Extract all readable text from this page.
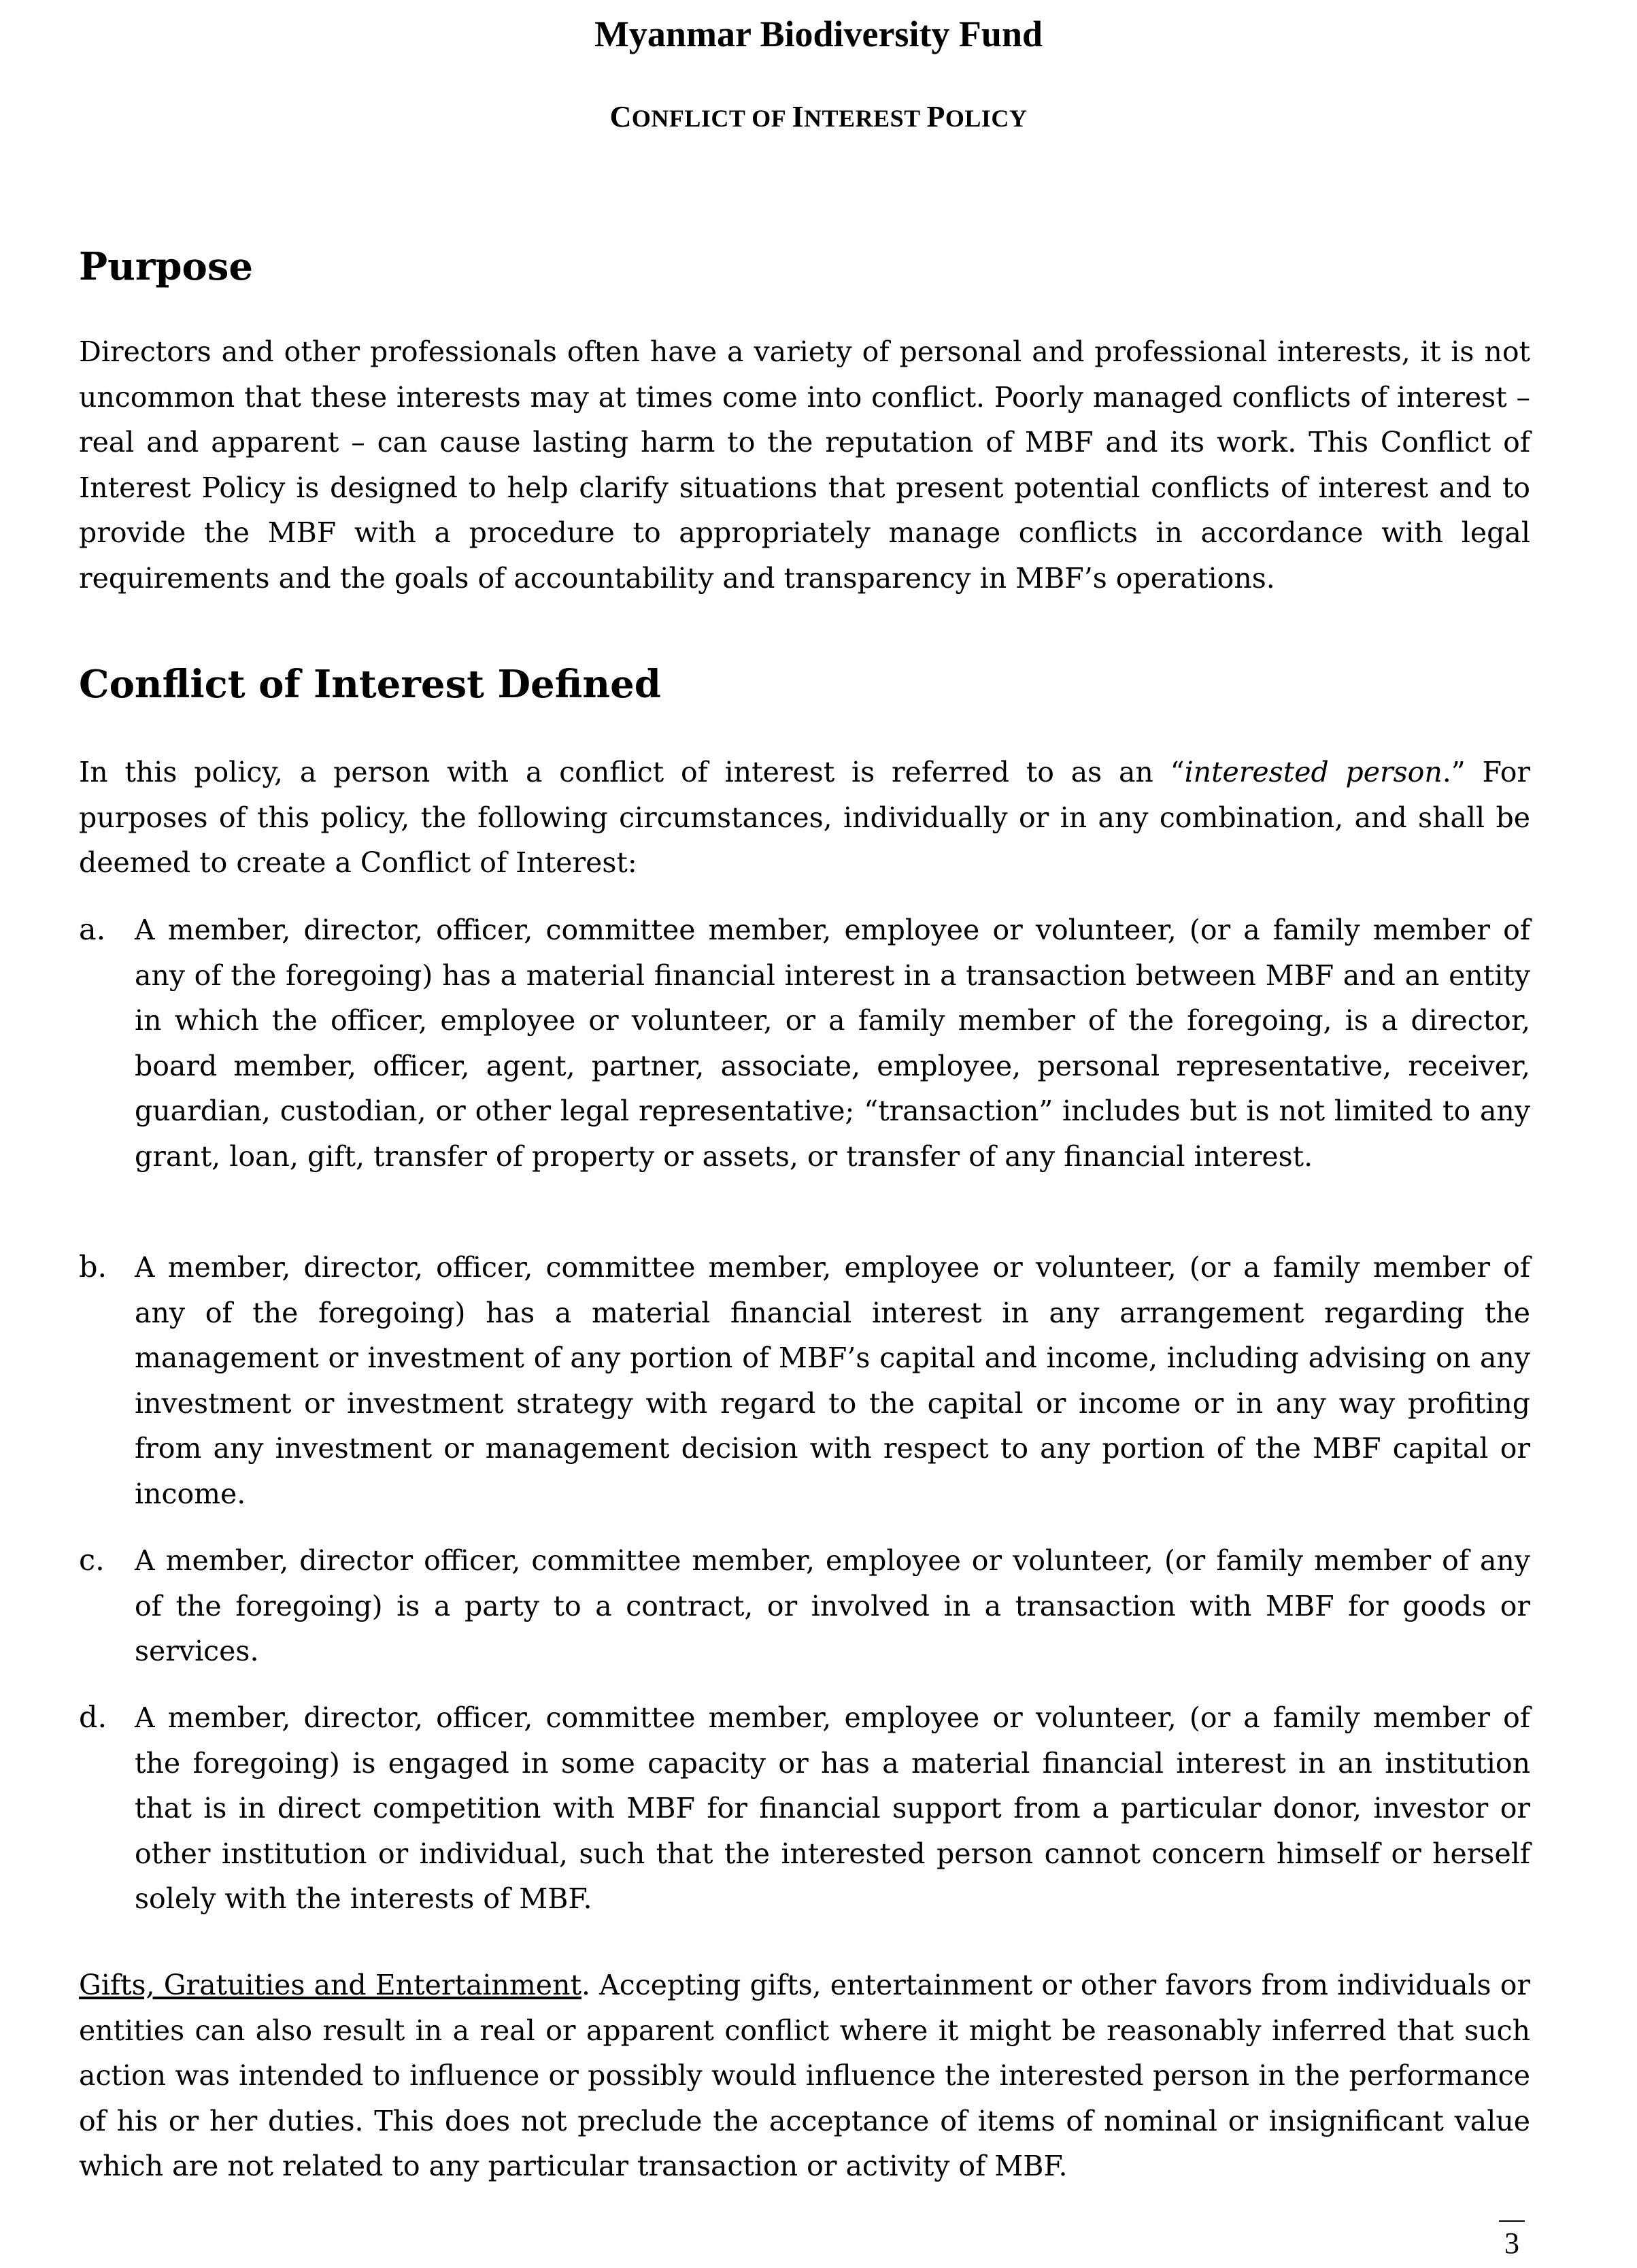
Myanmar Biodiversity Fund
CONFLICT OF INTEREST POLICY
Purpose

Directors and other professionals often have a variety of personal and professional interests, it is not uncommon that these interests may at times come into conflict. Poorly managed conflicts of interest – real and apparent – can cause lasting harm to the reputation of MBF and its work. This Conflict of Interest Policy is designed to help clarify situations that present potential conflicts of interest and to provide the MBF with a procedure to appropriately manage conflicts in accordance with legal requirements and the goals of accountability and transparency in MBF’s operations.

Conflict of Interest Defined

In this policy, a person with a conflict of interest is referred to as an “interested person.” For purposes of this policy, the following circumstances, individually or in any combination, and shall be deemed to create a Conflict of Interest:

a. A member, director, officer, committee member, employee or volunteer, (or a family member of any of the foregoing) has a material financial interest in a transaction between MBF and an entity in which the officer, employee or volunteer, or a family member of the foregoing, is a director, board member, officer, agent, partner, associate, employee, personal representative, receiver, guardian, custodian, or other legal representative; “transaction” includes but is not limited to any grant, loan, gift, transfer of property or assets, or transfer of any financial interest.

b. A member, director, officer, committee member, employee or volunteer, (or a family member of any of the foregoing) has a material financial interest in any arrangement regarding the management or investment of any portion of MBF’s capital and income, including advising on any investment or investment strategy with regard to the capital or income or in any way profiting from any investment or management decision with respect to any portion of the MBF capital or income.

c. A member, director officer, committee member, employee or volunteer, (or family member of any of the foregoing) is a party to a contract, or involved in a transaction with MBF for goods or services.

d. A member, director, officer, committee member, employee or volunteer, (or a family member of the foregoing) is engaged in some capacity or has a material financial interest in an institution that is in direct competition with MBF for financial support from a particular donor, investor or other institution or individual, such that the interested person cannot concern himself or herself solely with the interests of MBF.

Gifts, Gratuities and Entertainment. Accepting gifts, entertainment or other favors from individuals or entities can also result in a real or apparent conflict where it might be reasonably inferred that such action was intended to influence or possibly would influence the interested person in the performance of his or her duties. This does not preclude the acceptance of items of nominal or insignificant value which are not related to any particular transaction or activity of MBF.

3
